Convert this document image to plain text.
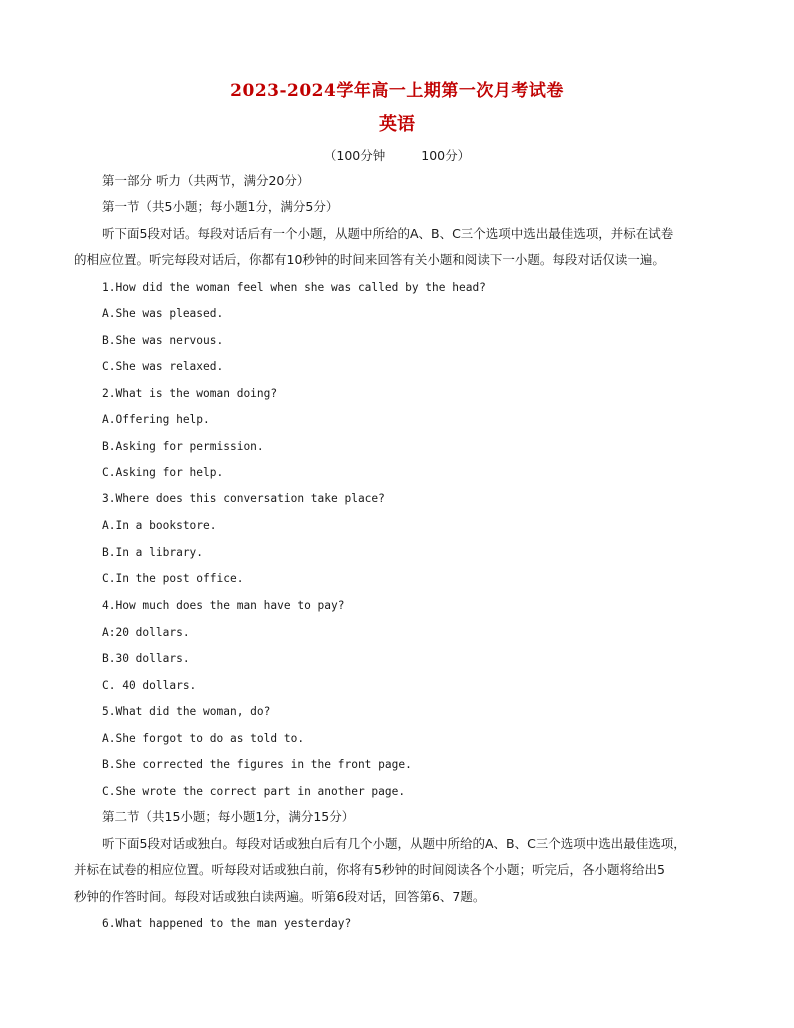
2023-2024学年高一上期第一次月考试卷
英语
（100分钟	100分）
第一部分 听力（共两节，满分20分）
第一节（共5小题；每小题1分，满分5分）
听下面5段对话。每段对话后有一个小题，从题中所给的A、B、C三个选项中选出最佳选项，并标在试卷
的相应位置。听完每段对话后，你都有10秒钟的时间来回答有关小题和阅读下一小题。每段对话仅读一遍。
1.How did the woman feel when she was called by the head?
A.She was pleased.
B.She was nervous.
C.She was relaxed.
2.What is the woman doing?
A.Offering help.
B.Asking for permission.
C.Asking for help.
3.Where does this conversation take place?
A.In a bookstore.
B.In a library.
C.In the post office.
4.How much does the man have to pay?
A:20 dollars.
B.30 dollars.
C. 40 dollars.
5.What did the woman, do?
A.She forgot to do as told to.
B.She corrected the figures in the front page.
C.She wrote the correct part in another page.
第二节（共15小题；每小题1分，满分15分）
听下面5段对话或独白。每段对话或独白后有几个小题，从题中所给的A、B、C三个选项中选出最佳选项，
并标在试卷的相应位置。听每段对话或独白前，你将有5秒钟的时间阅读各个小题；听完后，各小题将给出5
秒钟的作答时间。每段对话或独白读两遍。听第6段对话，回答第6、7题。
6.What happened to the man yesterday?
